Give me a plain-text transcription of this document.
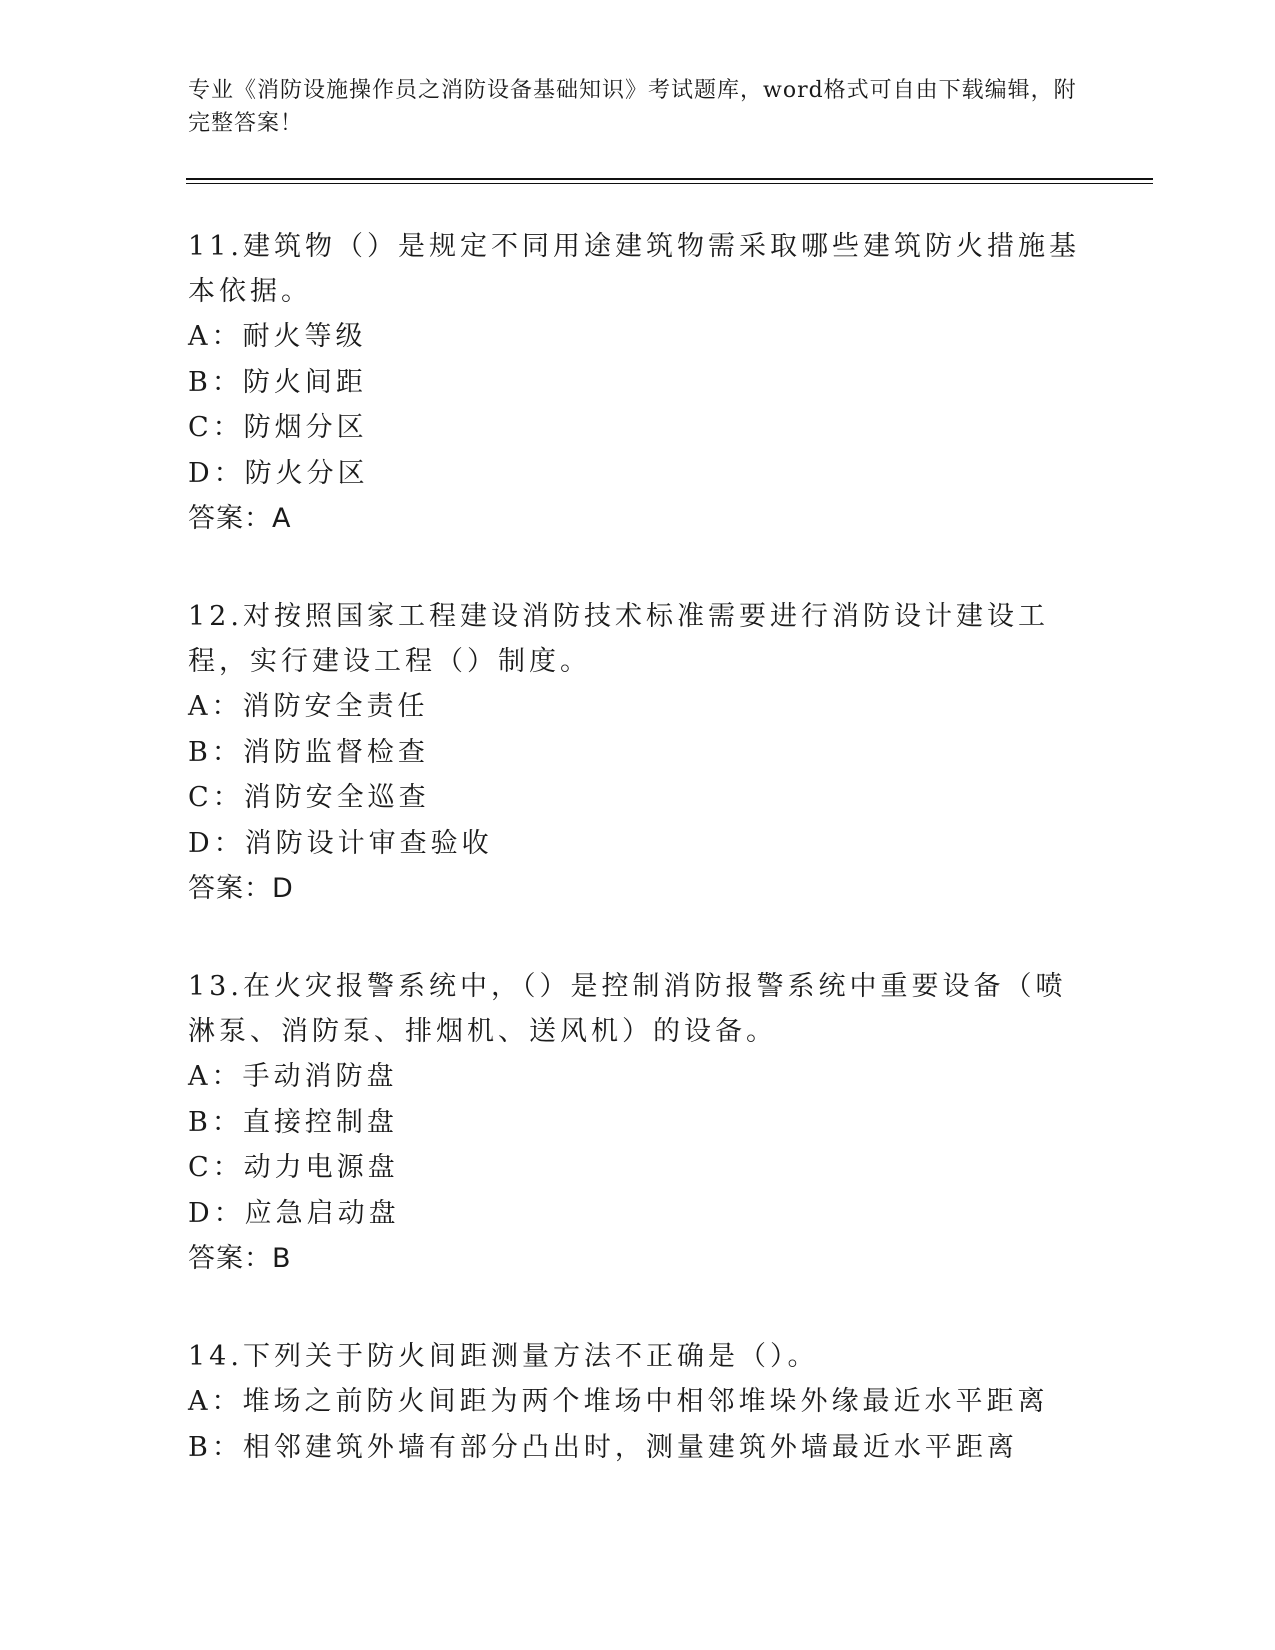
专业《消防设施操作员之消防设备基础知识》考试题库，word格式可自由下载编辑，附完整答案！

11.建筑物（）是规定不同用途建筑物需采取哪些建筑防火措施基本依据。

A：耐火等级

B：防火间距

C：防烟分区

D：防火分区

答案：A

12.对按照国家工程建设消防技术标准需要进行消防设计建设工程，实行建设工程（）制度。

A：消防安全责任

B：消防监督检查

C：消防安全巡查

D：消防设计审查验收

答案：D

13.在火灾报警系统中，（）是控制消防报警系统中重要设备（喷淋泵、消防泵、排烟机、送风机）的设备。

A：手动消防盘

B：直接控制盘

C：动力电源盘

D：应急启动盘

答案：B

14.下列关于防火间距测量方法不正确是（）。

A：堆场之前防火间距为两个堆场中相邻堆垛外缘最近水平距离

B：相邻建筑外墙有部分凸出时，测量建筑外墙最近水平距离
